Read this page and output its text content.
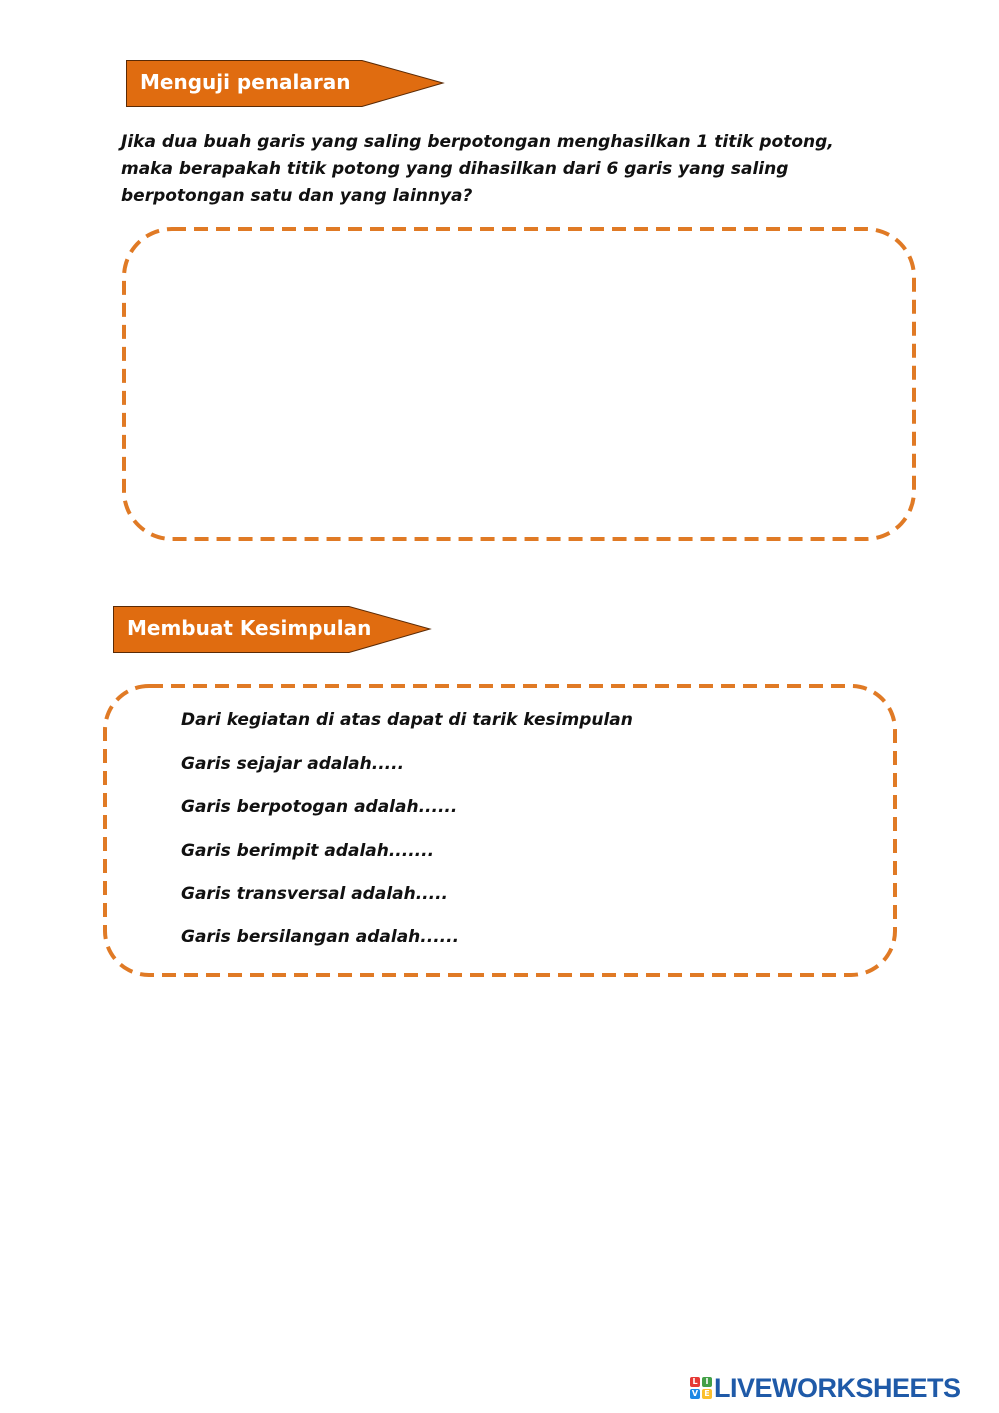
Menguji penalaran
Jika dua buah garis yang saling berpotongan menghasilkan 1 titik potong,
maka berapakah titik potong yang dihasilkan dari 6 garis yang saling
berpotongan satu dan yang lainnya?
Membuat Kesimpulan
Dari kegiatan di atas dapat di tarik kesimpulan
Garis sejajar adalah.....
Garis berpotogan adalah......
Garis berimpit adalah.......
Garis transversal adalah.....
Garis bersilangan adalah......
L I
V E LIVEWORKSHEETS
